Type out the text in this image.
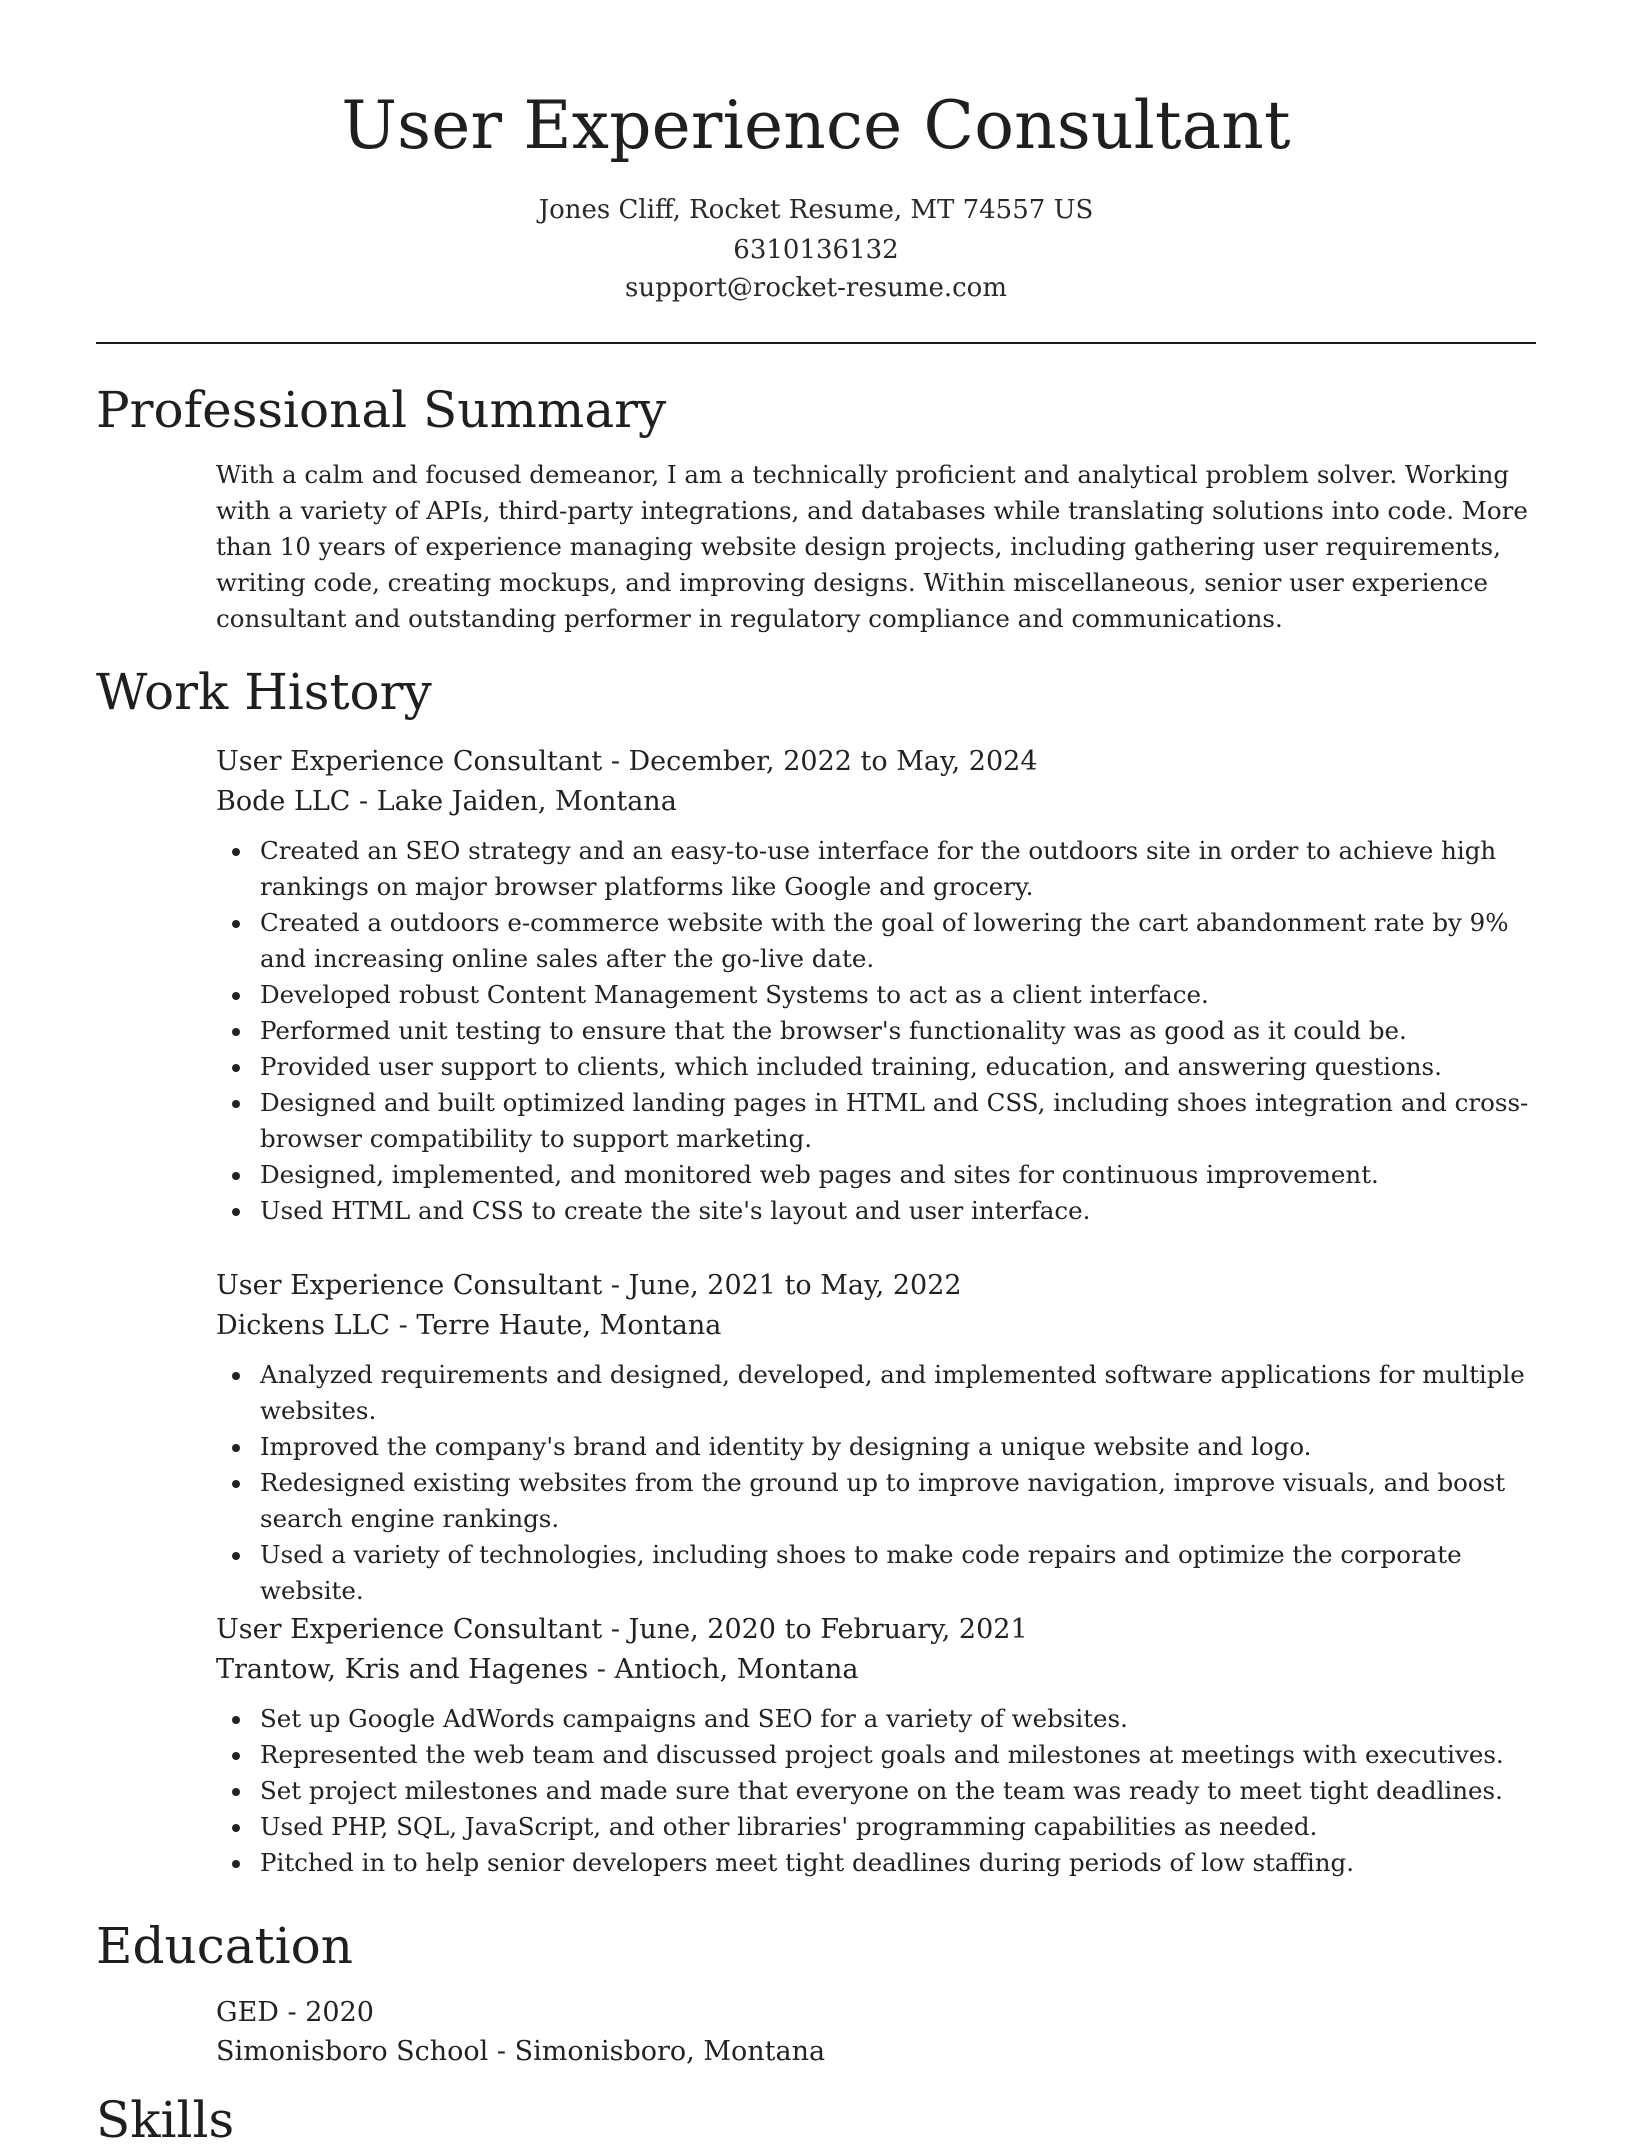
User Experience Consultant
Jones Cliff, Rocket Resume, MT 74557 US
6310136132
support@rocket-resume.com
Professional Summary
With a calm and focused demeanor, I am a technically proficient and analytical problem solver. Working with a variety of APIs, third-party integrations, and databases while translating solutions into code. More than 10 years of experience managing website design projects, including gathering user requirements, writing code, creating mockups, and improving designs. Within miscellaneous, senior user experience consultant and outstanding performer in regulatory compliance and communications.
Work History
User Experience Consultant - December, 2022 to May, 2024
Bode LLC - Lake Jaiden, Montana
Created an SEO strategy and an easy-to-use interface for the outdoors site in order to achieve high rankings on major browser platforms like Google and grocery.
Created a outdoors e-commerce website with the goal of lowering the cart abandonment rate by 9% and increasing online sales after the go-live date.
Developed robust Content Management Systems to act as a client interface.
Performed unit testing to ensure that the browser's functionality was as good as it could be.
Provided user support to clients, which included training, education, and answering questions.
Designed and built optimized landing pages in HTML and CSS, including shoes integration and cross-browser compatibility to support marketing.
Designed, implemented, and monitored web pages and sites for continuous improvement.
Used HTML and CSS to create the site's layout and user interface.
User Experience Consultant - June, 2021 to May, 2022
Dickens LLC - Terre Haute, Montana
Analyzed requirements and designed, developed, and implemented software applications for multiple websites.
Improved the company's brand and identity by designing a unique website and logo.
Redesigned existing websites from the ground up to improve navigation, improve visuals, and boost search engine rankings.
Used a variety of technologies, including shoes to make code repairs and optimize the corporate website.
User Experience Consultant - June, 2020 to February, 2021
Trantow, Kris and Hagenes - Antioch, Montana
Set up Google AdWords campaigns and SEO for a variety of websites.
Represented the web team and discussed project goals and milestones at meetings with executives.
Set project milestones and made sure that everyone on the team was ready to meet tight deadlines.
Used PHP, SQL, JavaScript, and other libraries' programming capabilities as needed.
Pitched in to help senior developers meet tight deadlines during periods of low staffing.
Education
GED - 2020
Simonisboro School - Simonisboro, Montana
Skills
